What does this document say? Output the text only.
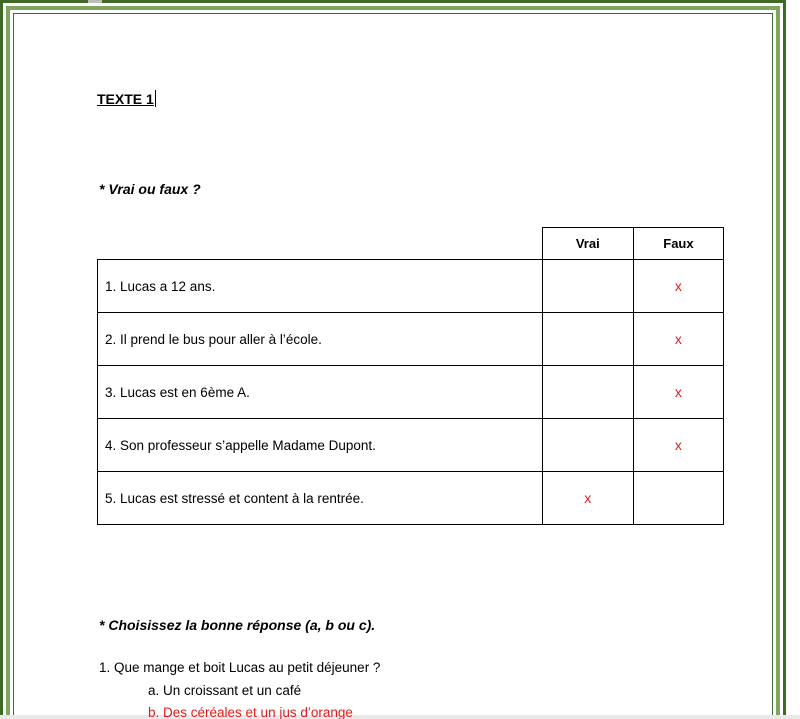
TEXTE 1
* Vrai ou faux ?
	Vrai	Faux
1. Lucas a 12 ans.		x
2. Il prend le bus pour aller à l’école.		x
3. Lucas est en 6ème A.		x
4. Son professeur s’appelle Madame Dupont.		x
5. Lucas est stressé et content à la rentrée.	x	
* Choisissez la bonne réponse (a, b ou c).
1. Que mange et boit Lucas au petit déjeuner ?
a. Un croissant et un café
b. Des céréales et un jus d’orange
